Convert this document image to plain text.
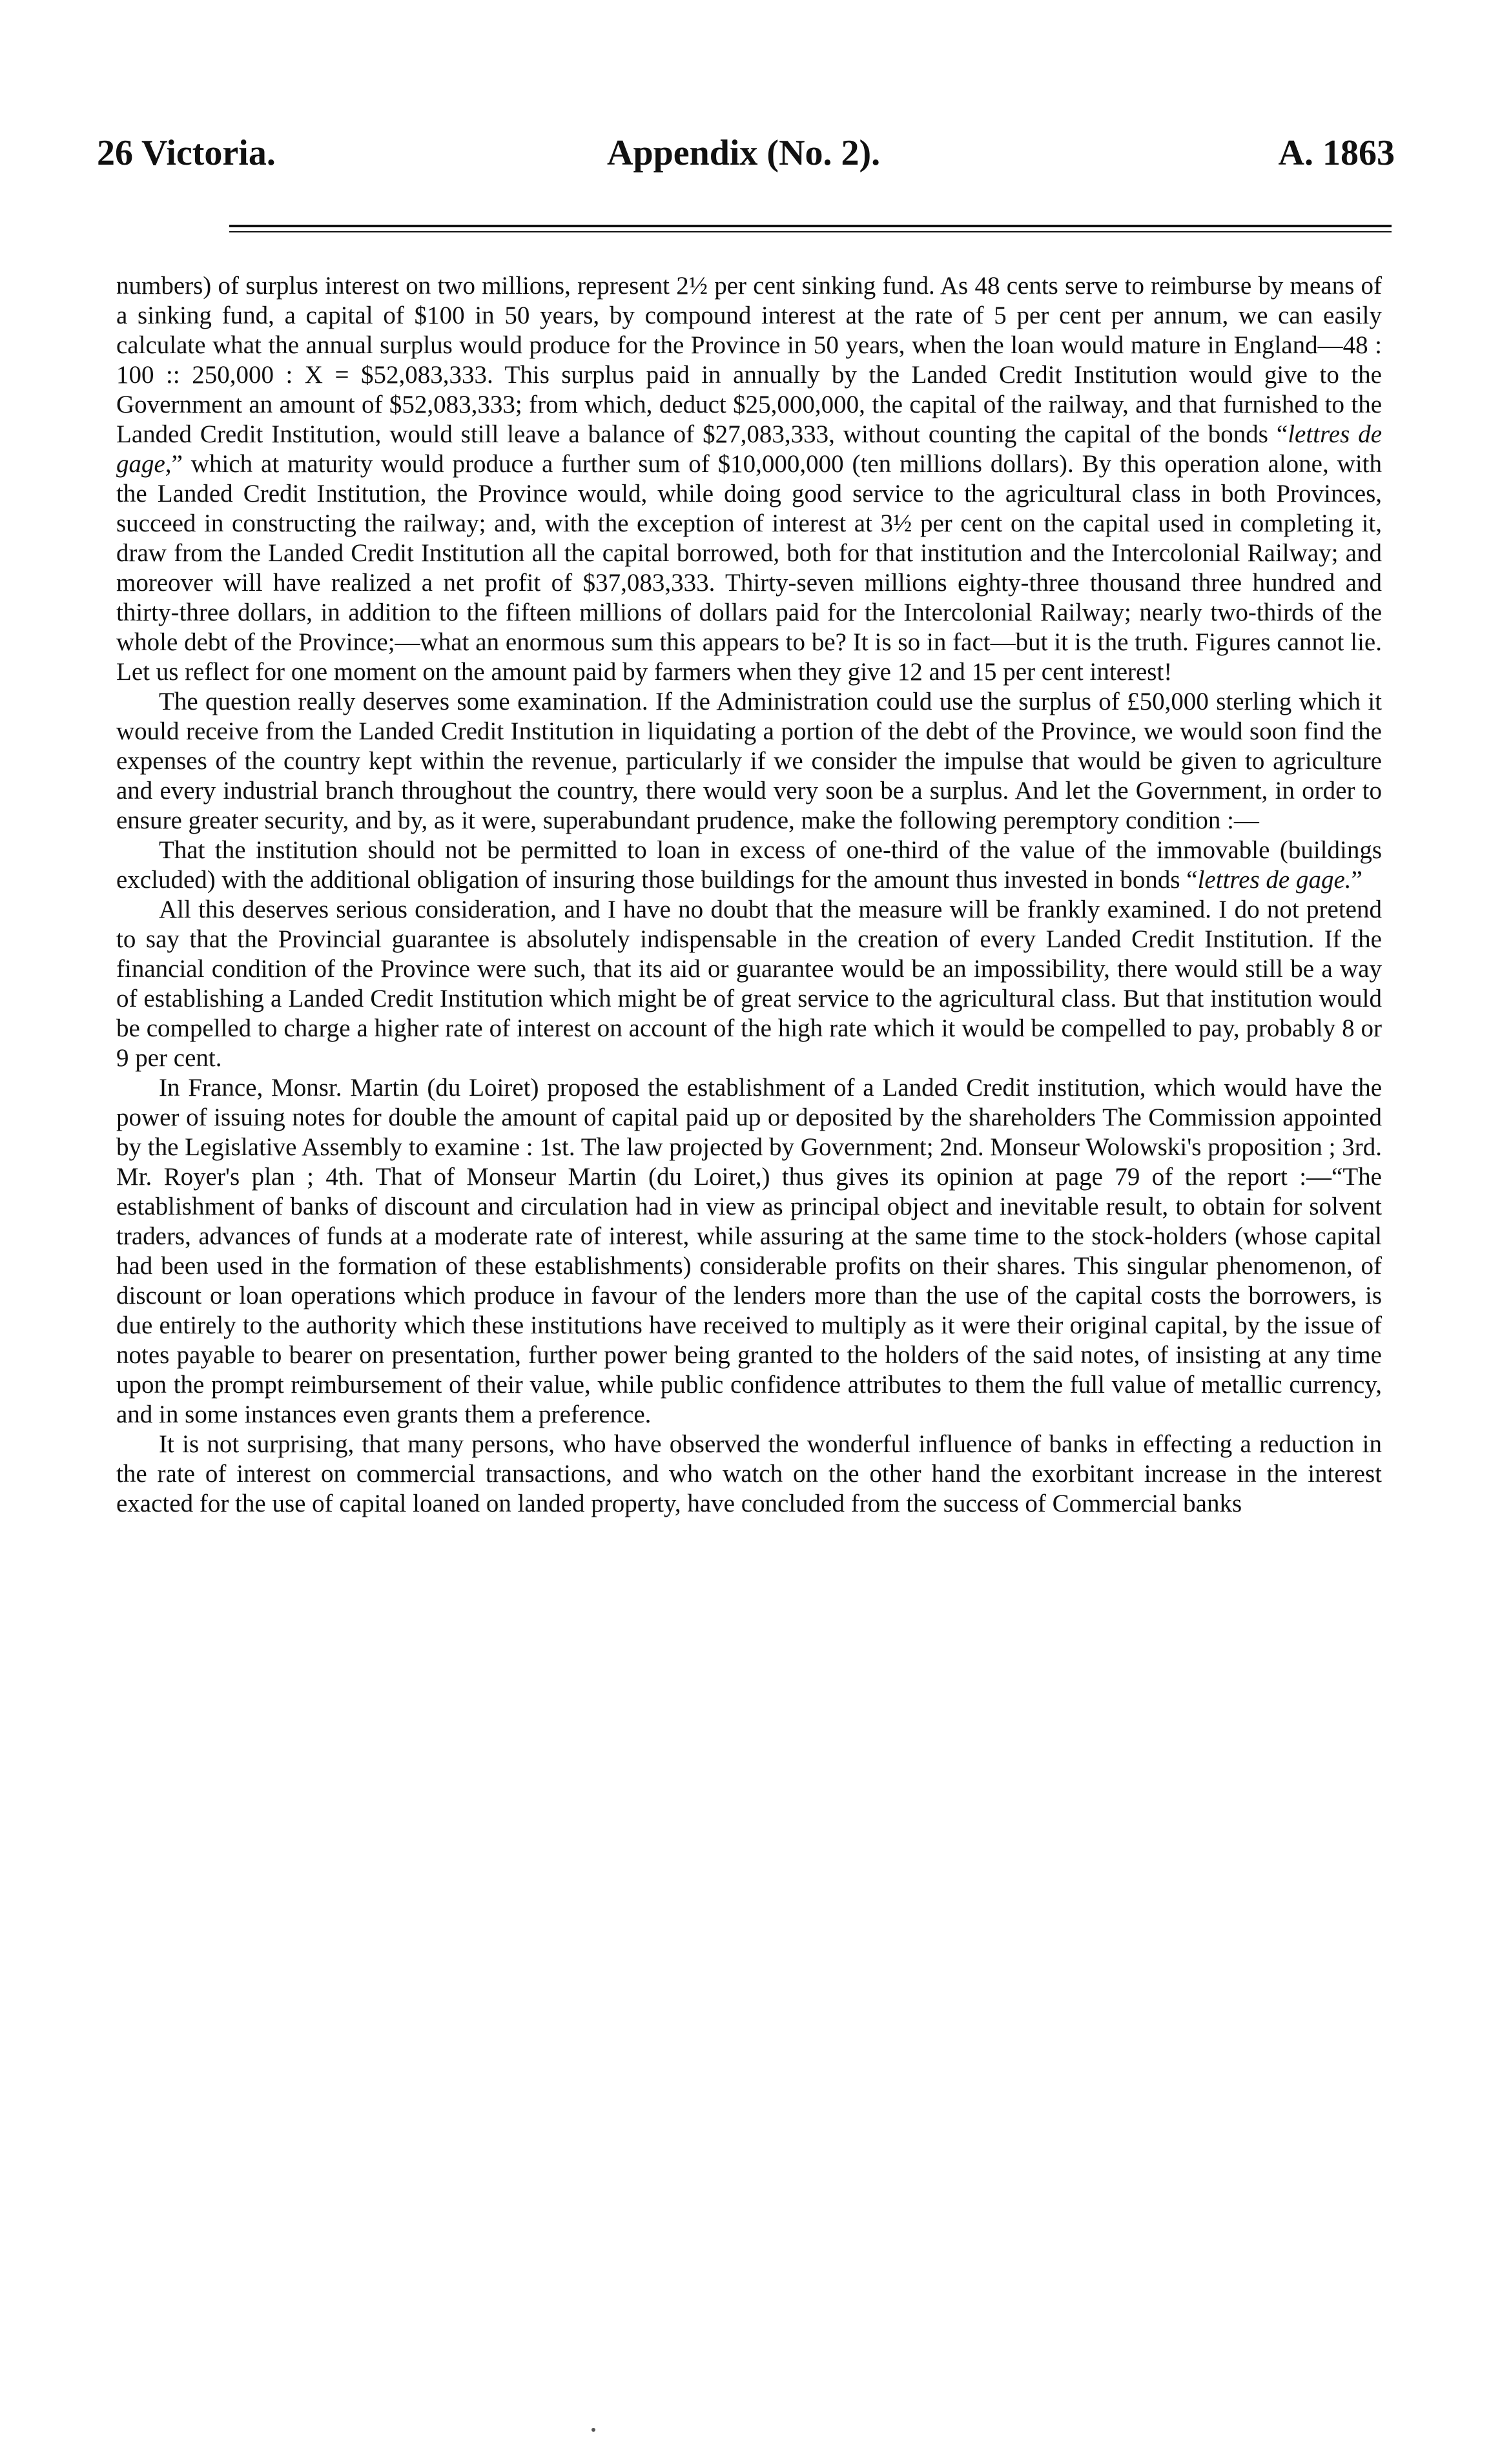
26 Victoria.	Appendix (No. 2).	A. 1863

numbers) of surplus interest on two millions, represent 2½ per cent sinking fund. As 48 cents serve to reimburse by means of a sinking fund, a capital of $100 in 50 years, by compound interest at the rate of 5 per cent per annum, we can easily calculate what the annual surplus would produce for the Province in 50 years, when the loan would mature in England—48 : 100 :: 250,000 : X = $52,083,333. This surplus paid in annually by the Landed Credit Institution would give to the Government an amount of $52,083,333; from which, deduct $25,000,000, the capital of the railway, and that furnished to the Landed Credit Institution, would still leave a balance of $27,083,333, without counting the capital of the bonds “lettres de gage,” which at maturity would produce a further sum of $10,000,000 (ten millions dollars). By this operation alone, with the Landed Credit Institution, the Province would, while doing good service to the agricultural class in both Provinces, succeed in constructing the railway; and, with the exception of interest at 3½ per cent on the capital used in completing it, draw from the Landed Credit Institution all the capital borrowed, both for that institution and the Intercolonial Railway; and moreover will have realized a net profit of $37,083,333. Thirty-seven millions eighty-three thousand three hundred and thirty-three dollars, in addition to the fifteen millions of dollars paid for the Intercolonial Railway; nearly two-thirds of the whole debt of the Province;—what an enormous sum this appears to be? It is so in fact—but it is the truth. Figures cannot lie. Let us reflect for one moment on the amount paid by farmers when they give 12 and 15 per cent interest!

The question really deserves some examination. If the Administration could use the surplus of £50,000 sterling which it would receive from the Landed Credit Institution in liquidating a portion of the debt of the Province, we would soon find the expenses of the country kept within the revenue, particularly if we consider the impulse that would be given to agriculture and every industrial branch throughout the country, there would very soon be a surplus. And let the Government, in order to ensure greater security, and by, as it were, superabundant prudence, make the following peremptory condition :—

That the institution should not be permitted to loan in excess of one-third of the value of the immovable (buildings excluded) with the additional obligation of insuring those buildings for the amount thus invested in bonds “lettres de gage.”

All this deserves serious consideration, and I have no doubt that the measure will be frankly examined. I do not pretend to say that the Provincial guarantee is absolutely indispensable in the creation of every Landed Credit Institution. If the financial condition of the Province were such, that its aid or guarantee would be an impossibility, there would still be a way of establishing a Landed Credit Institution which might be of great service to the agricultural class. But that institution would be compelled to charge a higher rate of interest on account of the high rate which it would be compelled to pay, probably 8 or 9 per cent.

In France, Monsr. Martin (du Loiret) proposed the establishment of a Landed Credit institution, which would have the power of issuing notes for double the amount of capital paid up or deposited by the shareholders The Commission appointed by the Legislative Assembly to examine : 1st. The law projected by Government; 2nd. Monseur Wolowski's proposition ; 3rd. Mr. Royer's plan ; 4th. That of Monseur Martin (du Loiret,) thus gives its opinion at page 79 of the report :—“The establishment of banks of discount and circulation had in view as principal object and inevitable result, to obtain for solvent traders, advances of funds at a moderate rate of interest, while assuring at the same time to the stock-holders (whose capital had been used in the formation of these establishments) considerable profits on their shares. This singular phenomenon, of discount or loan operations which produce in favour of the lenders more than the use of the capital costs the borrowers, is due entirely to the authority which these institutions have received to multiply as it were their original capital, by the issue of notes payable to bearer on presentation, further power being granted to the holders of the said notes, of insisting at any time upon the prompt reimbursement of their value, while public confidence attributes to them the full value of metallic currency, and in some instances even grants them a preference.

It is not surprising, that many persons, who have observed the wonderful influence of banks in effecting a reduction in the rate of interest on commercial transactions, and who watch on the other hand the exorbitant increase in the interest exacted for the use of capital loaned on landed property, have concluded from the success of Commercial banks
